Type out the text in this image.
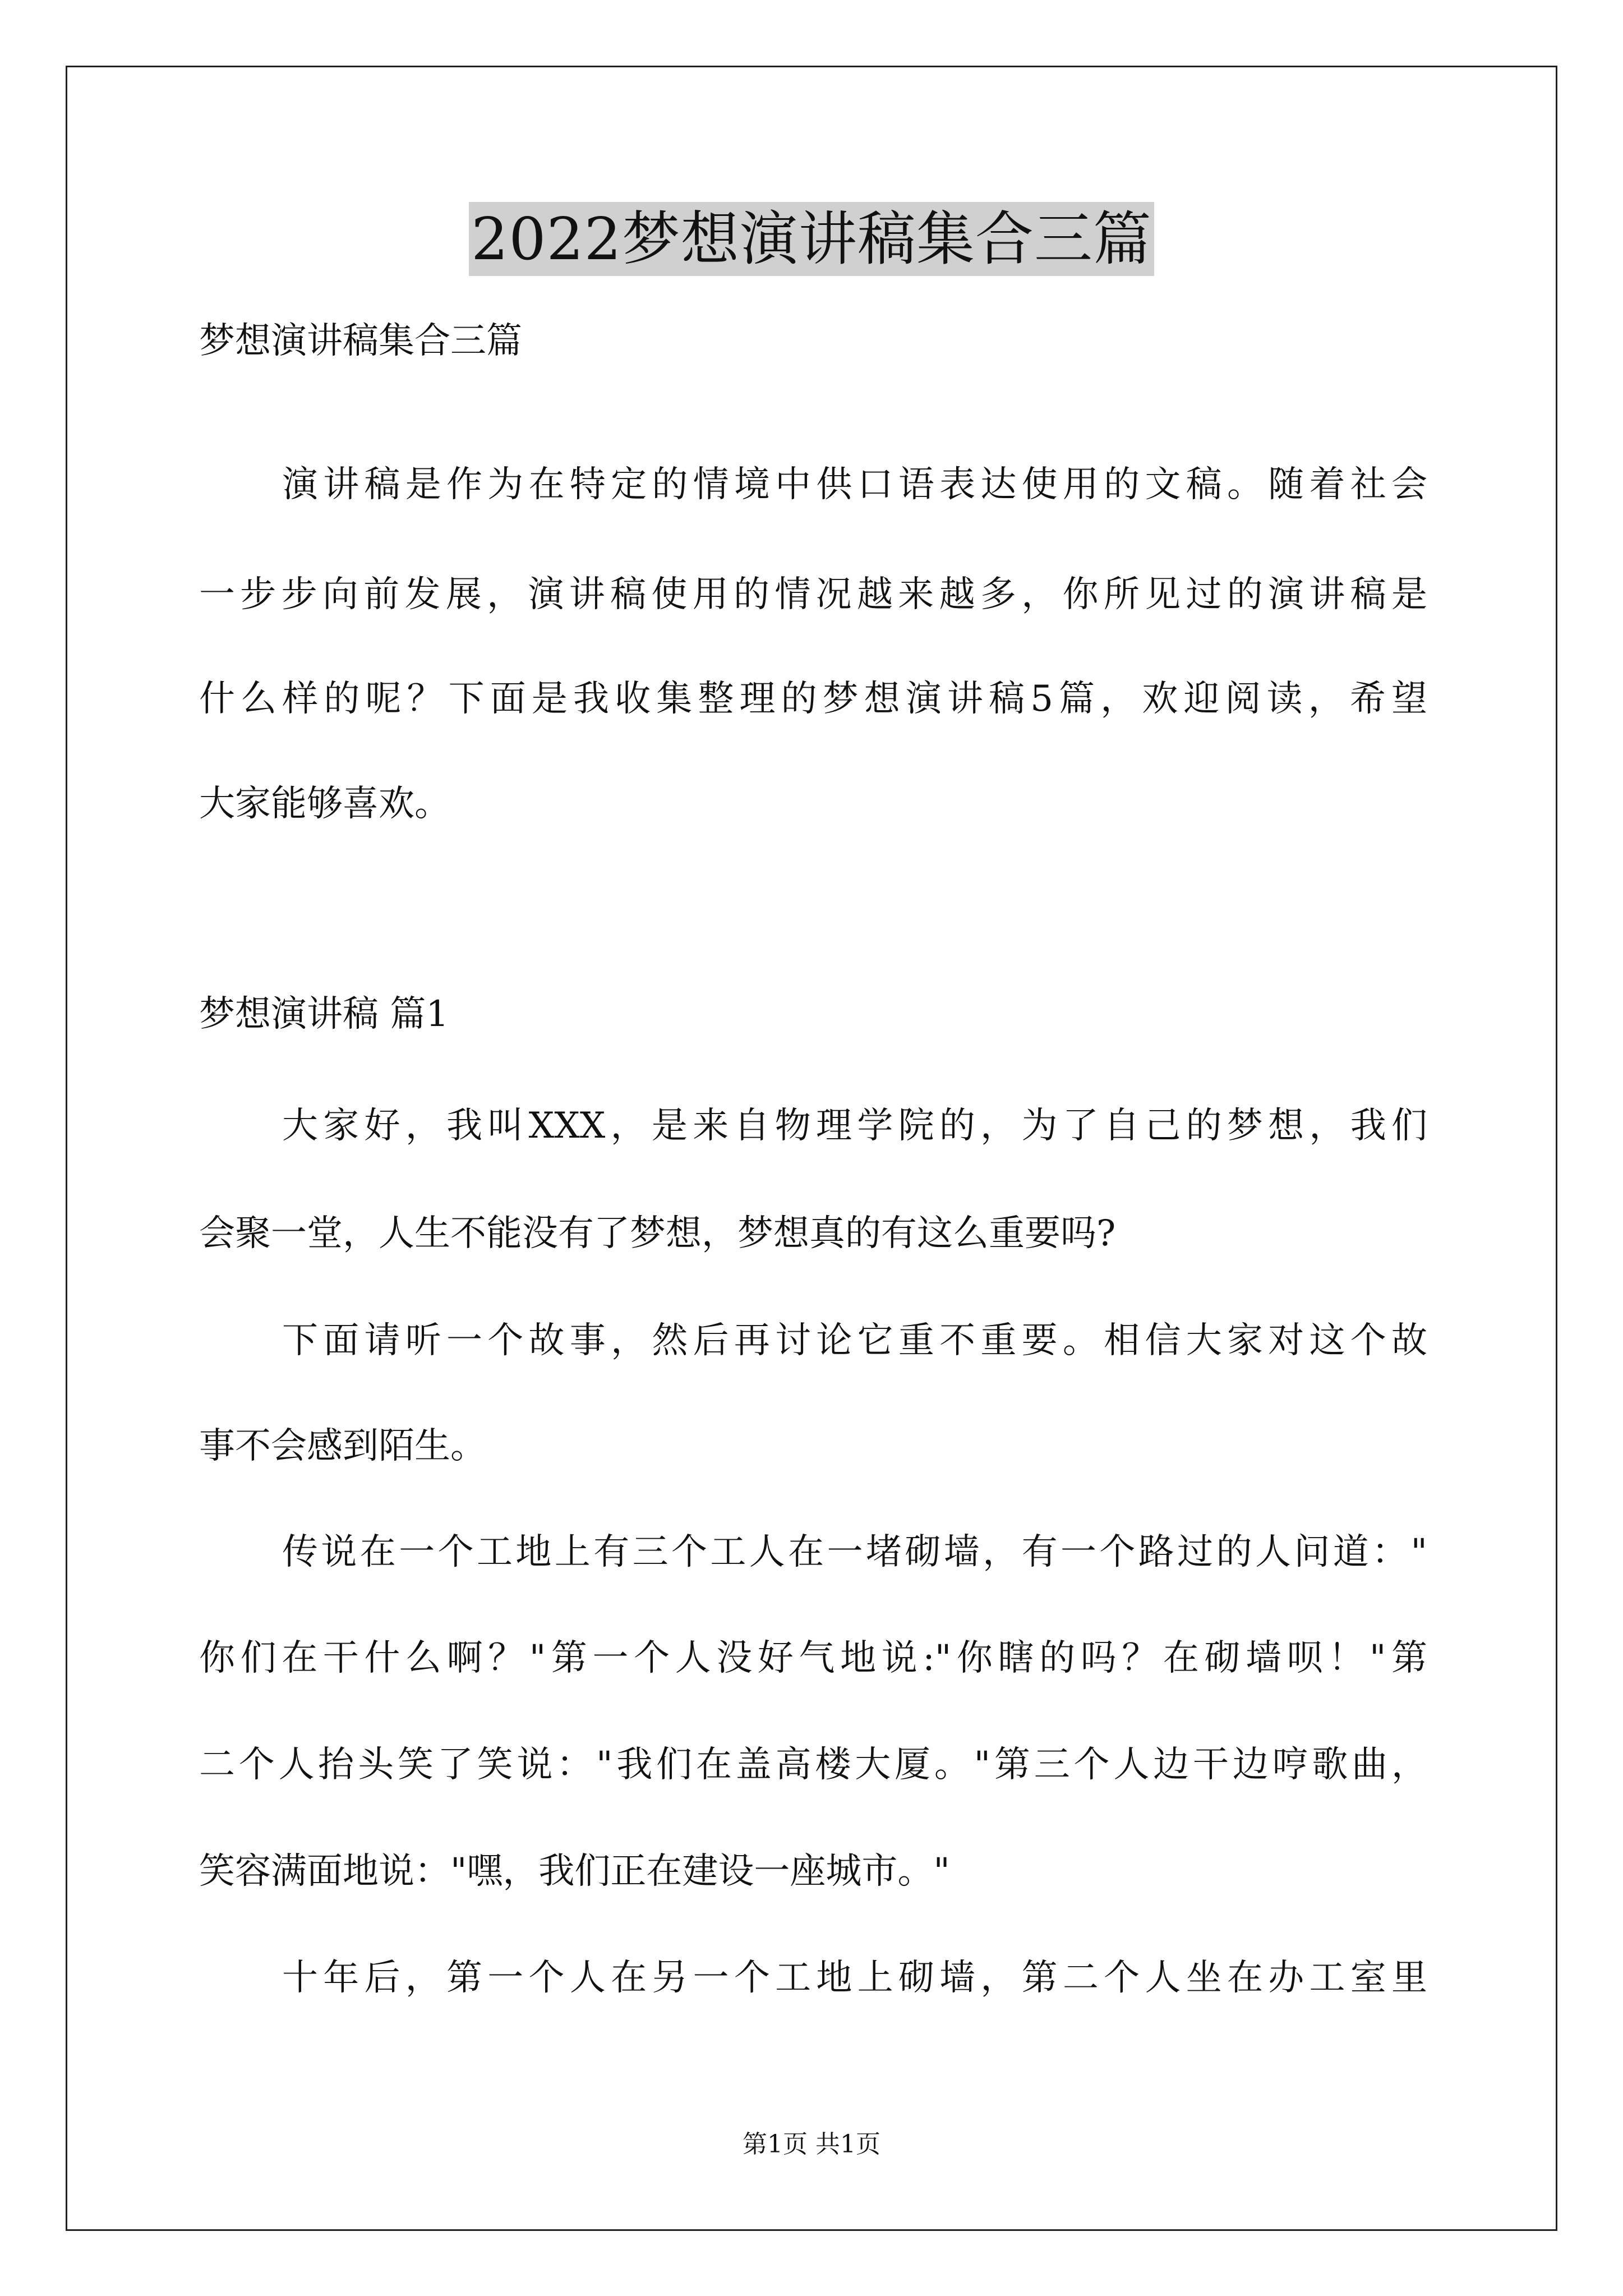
2022梦想演讲稿集合三篇
梦想演讲稿集合三篇
演讲稿是作为在特定的情境中供口语表达使用的文稿。随着社会
一步步向前发展，演讲稿使用的情况越来越多，你所见过的演讲稿是
什么样的呢？下面是我收集整理的梦想演讲稿5篇，欢迎阅读，希望
大家能够喜欢。
梦想演讲稿 篇1
大家好，我叫XXX，是来自物理学院的，为了自己的梦想，我们
会聚一堂，人生不能没有了梦想，梦想真的有这么重要吗?
下面请听一个故事，然后再讨论它重不重要。相信大家对这个故
事不会感到陌生。
传说在一个工地上有三个工人在一堵砌墙，有一个路过的人问道："
你们在干什么啊？"第一个人没好气地说:"你瞎的吗？在砌墙呗！"第
二个人抬头笑了笑说："我们在盖高楼大厦。"第三个人边干边哼歌曲，
笑容满面地说："嘿，我们正在建设一座城市。"
十年后，第一个人在另一个工地上砌墙，第二个人坐在办工室里
第1页 共1页
